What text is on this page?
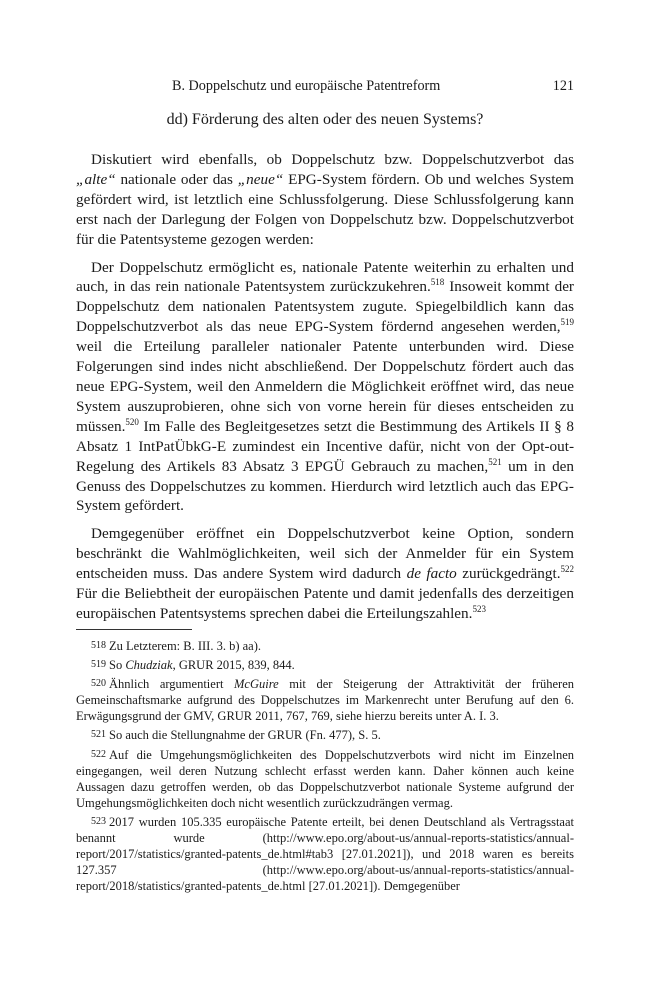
B. Doppelschutz und europäische Patentreform	121
dd) Förderung des alten oder des neuen Systems?

Diskutiert wird ebenfalls, ob Doppelschutz bzw. Doppelschutzverbot das „alte“ nationale oder das „neue“ EPG-System fördern. Ob und welches System gefördert wird, ist letztlich eine Schlussfolgerung. Diese Schlussfolgerung kann erst nach der Darlegung der Folgen von Doppelschutz bzw. Doppelschutzverbot für die Patentsysteme gezogen werden:

Der Doppelschutz ermöglicht es, nationale Patente weiterhin zu erhalten und auch, in das rein nationale Patentsystem zurückzukehren.$^{518}$ Insoweit kommt der Doppelschutz dem nationalen Patentsystem zugute. Spiegelbildlich kann das Doppelschutzverbot als das neue EPG-System fördernd angesehen werden,$^{519}$ weil die Erteilung paralleler nationaler Patente unterbunden wird. Diese Folgerungen sind indes nicht abschließend. Der Doppelschutz fördert auch das neue EPG-System, weil den Anmeldern die Möglichkeit eröffnet wird, das neue System auszuprobieren, ohne sich von vorne herein für dieses entscheiden zu müssen.$^{520}$ Im Falle des Begleitgesetzes setzt die Bestimmung des Artikels II § 8 Absatz 1 IntPatÜbkG-E zumindest ein Incentive dafür, nicht von der Opt-out-Regelung des Artikels 83 Absatz 3 EPGÜ Gebrauch zu machen,$^{521}$ um in den Genuss des Doppelschutzes zu kommen. Hierdurch wird letztlich auch das EPG-System gefördert.

Demgegenüber eröffnet ein Doppelschutzverbot keine Option, sondern beschränkt die Wahlmöglichkeiten, weil sich der Anmelder für ein System entscheiden muss. Das andere System wird dadurch de facto zurückgedrängt.$^{522}$ Für die Beliebtheit der europäischen Patente und damit jedenfalls des derzeitigen europäischen Patentsystems sprechen dabei die Erteilungszahlen.$^{523}$

518 Zu Letzterem: B. III. 3. b) aa).

519 So Chudziak, GRUR 2015, 839, 844.

520 Ähnlich argumentiert McGuire mit der Steigerung der Attraktivität der früheren Gemeinschaftsmarke aufgrund des Doppelschutzes im Markenrecht unter Berufung auf den 6. Erwägungsgrund der GMV, GRUR 2011, 767, 769, siehe hierzu bereits unter A. I. 3.

521 So auch die Stellungnahme der GRUR (Fn. 477), S. 5.

522 Auf die Umgehungsmöglichkeiten des Doppelschutzverbots wird nicht im Einzelnen eingegangen, weil deren Nutzung schlecht erfasst werden kann. Daher können auch keine Aussagen dazu getroffen werden, ob das Doppelschutzverbot nationale Systeme aufgrund der Umgehungsmöglichkeiten doch nicht wesentlich zurückzudrängen vermag.

523 2017 wurden 105.335 europäische Patente erteilt, bei denen Deutschland als Vertragsstaat benannt wurde (http://www.epo.org/about-us/annual-reports-statistics/annual-report/2017/statistics/granted-patents_de.html#tab3 [27.01.2021]), und 2018 waren es bereits 127.357 (http://www.epo.org/about-us/annual-reports-statistics/annual-report/2018/statistics/granted-patents_de.html [27.01.2021]). Demgegenüber
